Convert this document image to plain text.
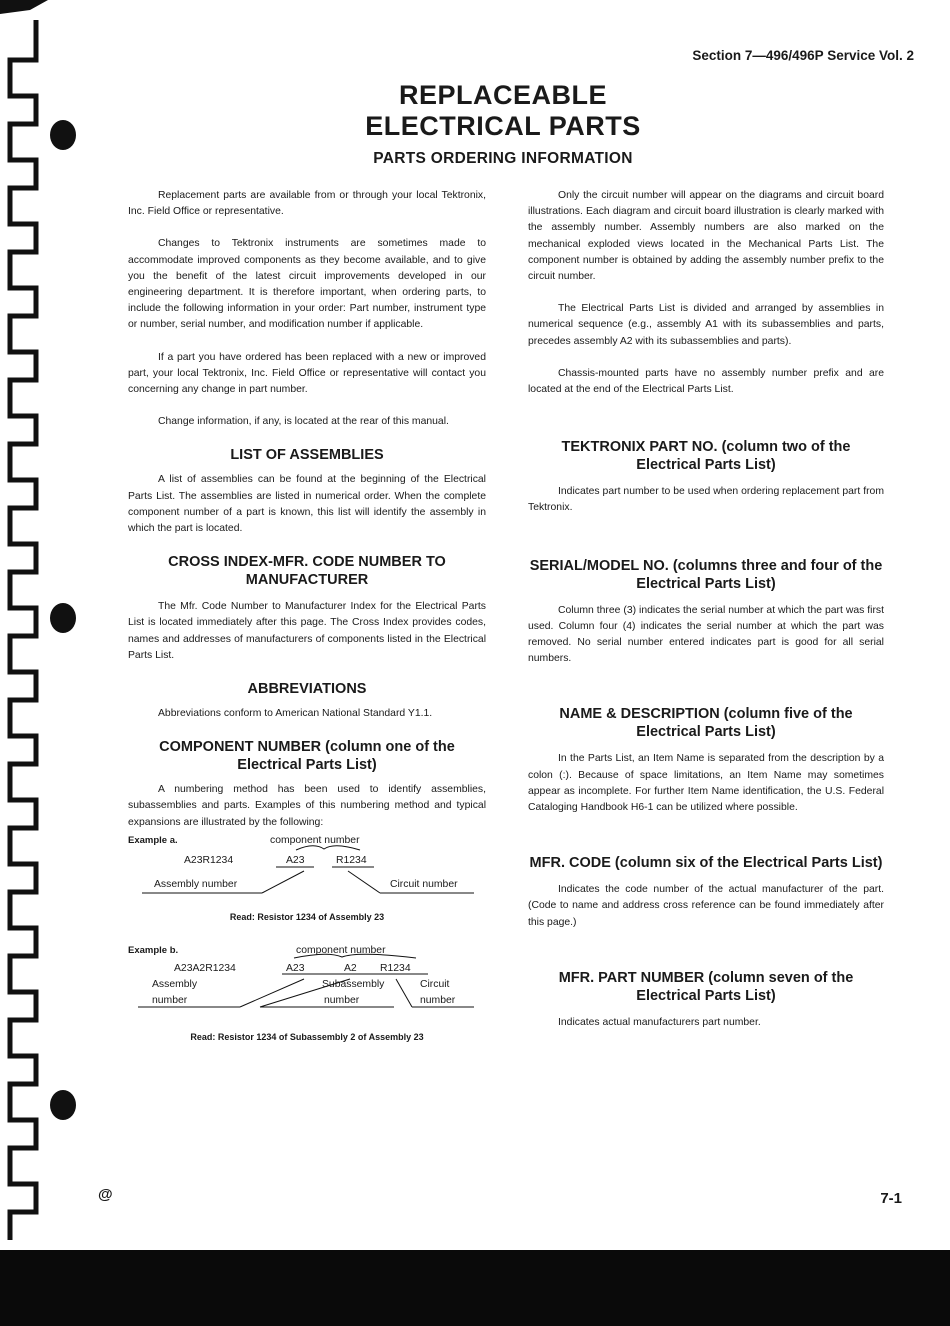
Section 7—496/496P Service Vol. 2
REPLACEABLE
ELECTRICAL PARTS
PARTS ORDERING INFORMATION

Replacement parts are available from or through your local Tektronix, Inc. Field Office or representative.

Changes to Tektronix instruments are sometimes made to accommodate improved components as they become available, and to give you the benefit of the latest circuit improvements developed in our engineering department. It is therefore important, when ordering parts, to include the following information in your order: Part number, instrument type or number, serial number, and modification number if applicable.

If a part you have ordered has been replaced with a new or improved part, your local Tektronix, Inc. Field Office or representative will contact you concerning any change in part number.

Change information, if any, is located at the rear of this manual.

LIST OF ASSEMBLIES

A list of assemblies can be found at the beginning of the Electrical Parts List. The assemblies are listed in numerical order. When the complete component number of a part is known, this list will identify the assembly in which the part is located.

CROSS INDEX-MFR. CODE NUMBER TO MANUFACTURER

The Mfr. Code Number to Manufacturer Index for the Electrical Parts List is located immediately after this page. The Cross Index provides codes, names and addresses of manufacturers of components listed in the Electrical Parts List.

ABBREVIATIONS

Abbreviations conform to American National Standard Y1.1.

COMPONENT NUMBER (column one of the Electrical Parts List)

A numbering method has been used to identify assemblies, subassemblies and parts. Examples of this numbering method and typical expansions are illustrated by the following:

Example a.	component number
A23R1234	A23	R1234
Assembly number	Circuit number
Read: Resistor 1234 of Assembly 23
Example b.	component number
A23A2R1234	A23	A2 R1234
Assembly
number
Subassembly
number
Circuit
number
Read: Resistor 1234 of Subassembly 2 of Assembly 23

Only the circuit number will appear on the diagrams and circuit board illustrations. Each diagram and circuit board illustration is clearly marked with the assembly number. Assembly numbers are also marked on the mechanical exploded views located in the Mechanical Parts List. The component number is obtained by adding the assembly number prefix to the circuit number.

The Electrical Parts List is divided and arranged by assemblies in numerical sequence (e.g., assembly A1 with its subassemblies and parts, precedes assembly A2 with its subassemblies and parts).

Chassis-mounted parts have no assembly number prefix and are located at the end of the Electrical Parts List.

TEKTRONIX PART NO. (column two of the Electrical Parts List)

Indicates part number to be used when ordering replacement part from Tektronix.

SERIAL/MODEL NO. (columns three and four of the Electrical Parts List)

Column three (3) indicates the serial number at which the part was first used. Column four (4) indicates the serial number at which the part was removed. No serial number entered indicates part is good for all serial numbers.

NAME & DESCRIPTION (column five of the Electrical Parts List)

In the Parts List, an Item Name is separated from the description by a colon (:). Because of space limitations, an Item Name may sometimes appear as incomplete. For further Item Name identification, the U.S. Federal Cataloging Handbook H6-1 can be utilized where possible.

MFR. CODE (column six of the Electrical Parts List)

Indicates the code number of the actual manufacturer of the part. (Code to name and address cross reference can be found immediately after this page.)

MFR. PART NUMBER (column seven of the Electrical Parts List)

Indicates actual manufacturers part number.

@	7-1
